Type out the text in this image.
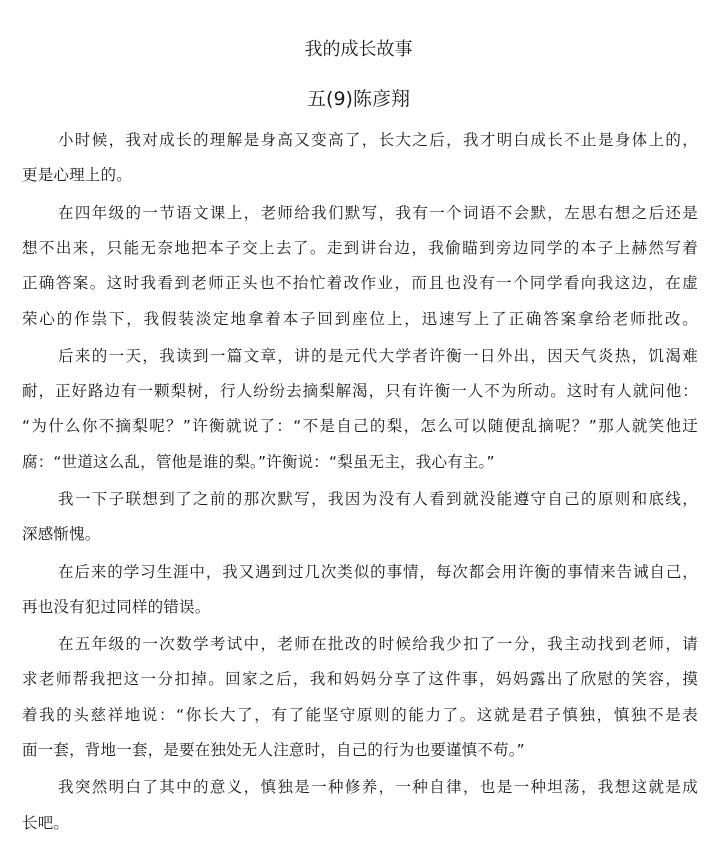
我的成长故事
五(9)陈彦翔
小时候，我对成长的理解是身高又变高了，长大之后，我才明白成长不止是身体上的，
更是心理上的。
在四年级的一节语文课上，老师给我们默写，我有一个词语不会默，左思右想之后还是
想不出来，只能无奈地把本子交上去了。走到讲台边，我偷瞄到旁边同学的本子上赫然写着
正确答案。这时我看到老师正头也不抬忙着改作业，而且也没有一个同学看向我这边，在虚
荣心的作祟下，我假装淡定地拿着本子回到座位上，迅速写上了正确答案拿给老师批改。
后来的一天，我读到一篇文章，讲的是元代大学者许衡一日外出，因天气炎热，饥渴难
耐，正好路边有一颗梨树，行人纷纷去摘梨解渴，只有许衡一人不为所动。这时有人就问他：
“为什么你不摘梨呢？”许衡就说了：“不是自己的梨，怎么可以随便乱摘呢？”那人就笑他迂
腐：“世道这么乱，管他是谁的梨。”许衡说：“梨虽无主，我心有主。”
我一下子联想到了之前的那次默写，我因为没有人看到就没能遵守自己的原则和底线，
深感惭愧。
在后来的学习生涯中，我又遇到过几次类似的事情，每次都会用许衡的事情来告诫自己，
再也没有犯过同样的错误。
在五年级的一次数学考试中，老师在批改的时候给我少扣了一分，我主动找到老师，请
求老师帮我把这一分扣掉。回家之后，我和妈妈分享了这件事，妈妈露出了欣慰的笑容，摸
着我的头慈祥地说：“你长大了，有了能坚守原则的能力了。这就是君子慎独，慎独不是表
面一套，背地一套，是要在独处无人注意时，自己的行为也要谨慎不苟。”
我突然明白了其中的意义，慎独是一种修养，一种自律，也是一种坦荡，我想这就是成
长吧。
